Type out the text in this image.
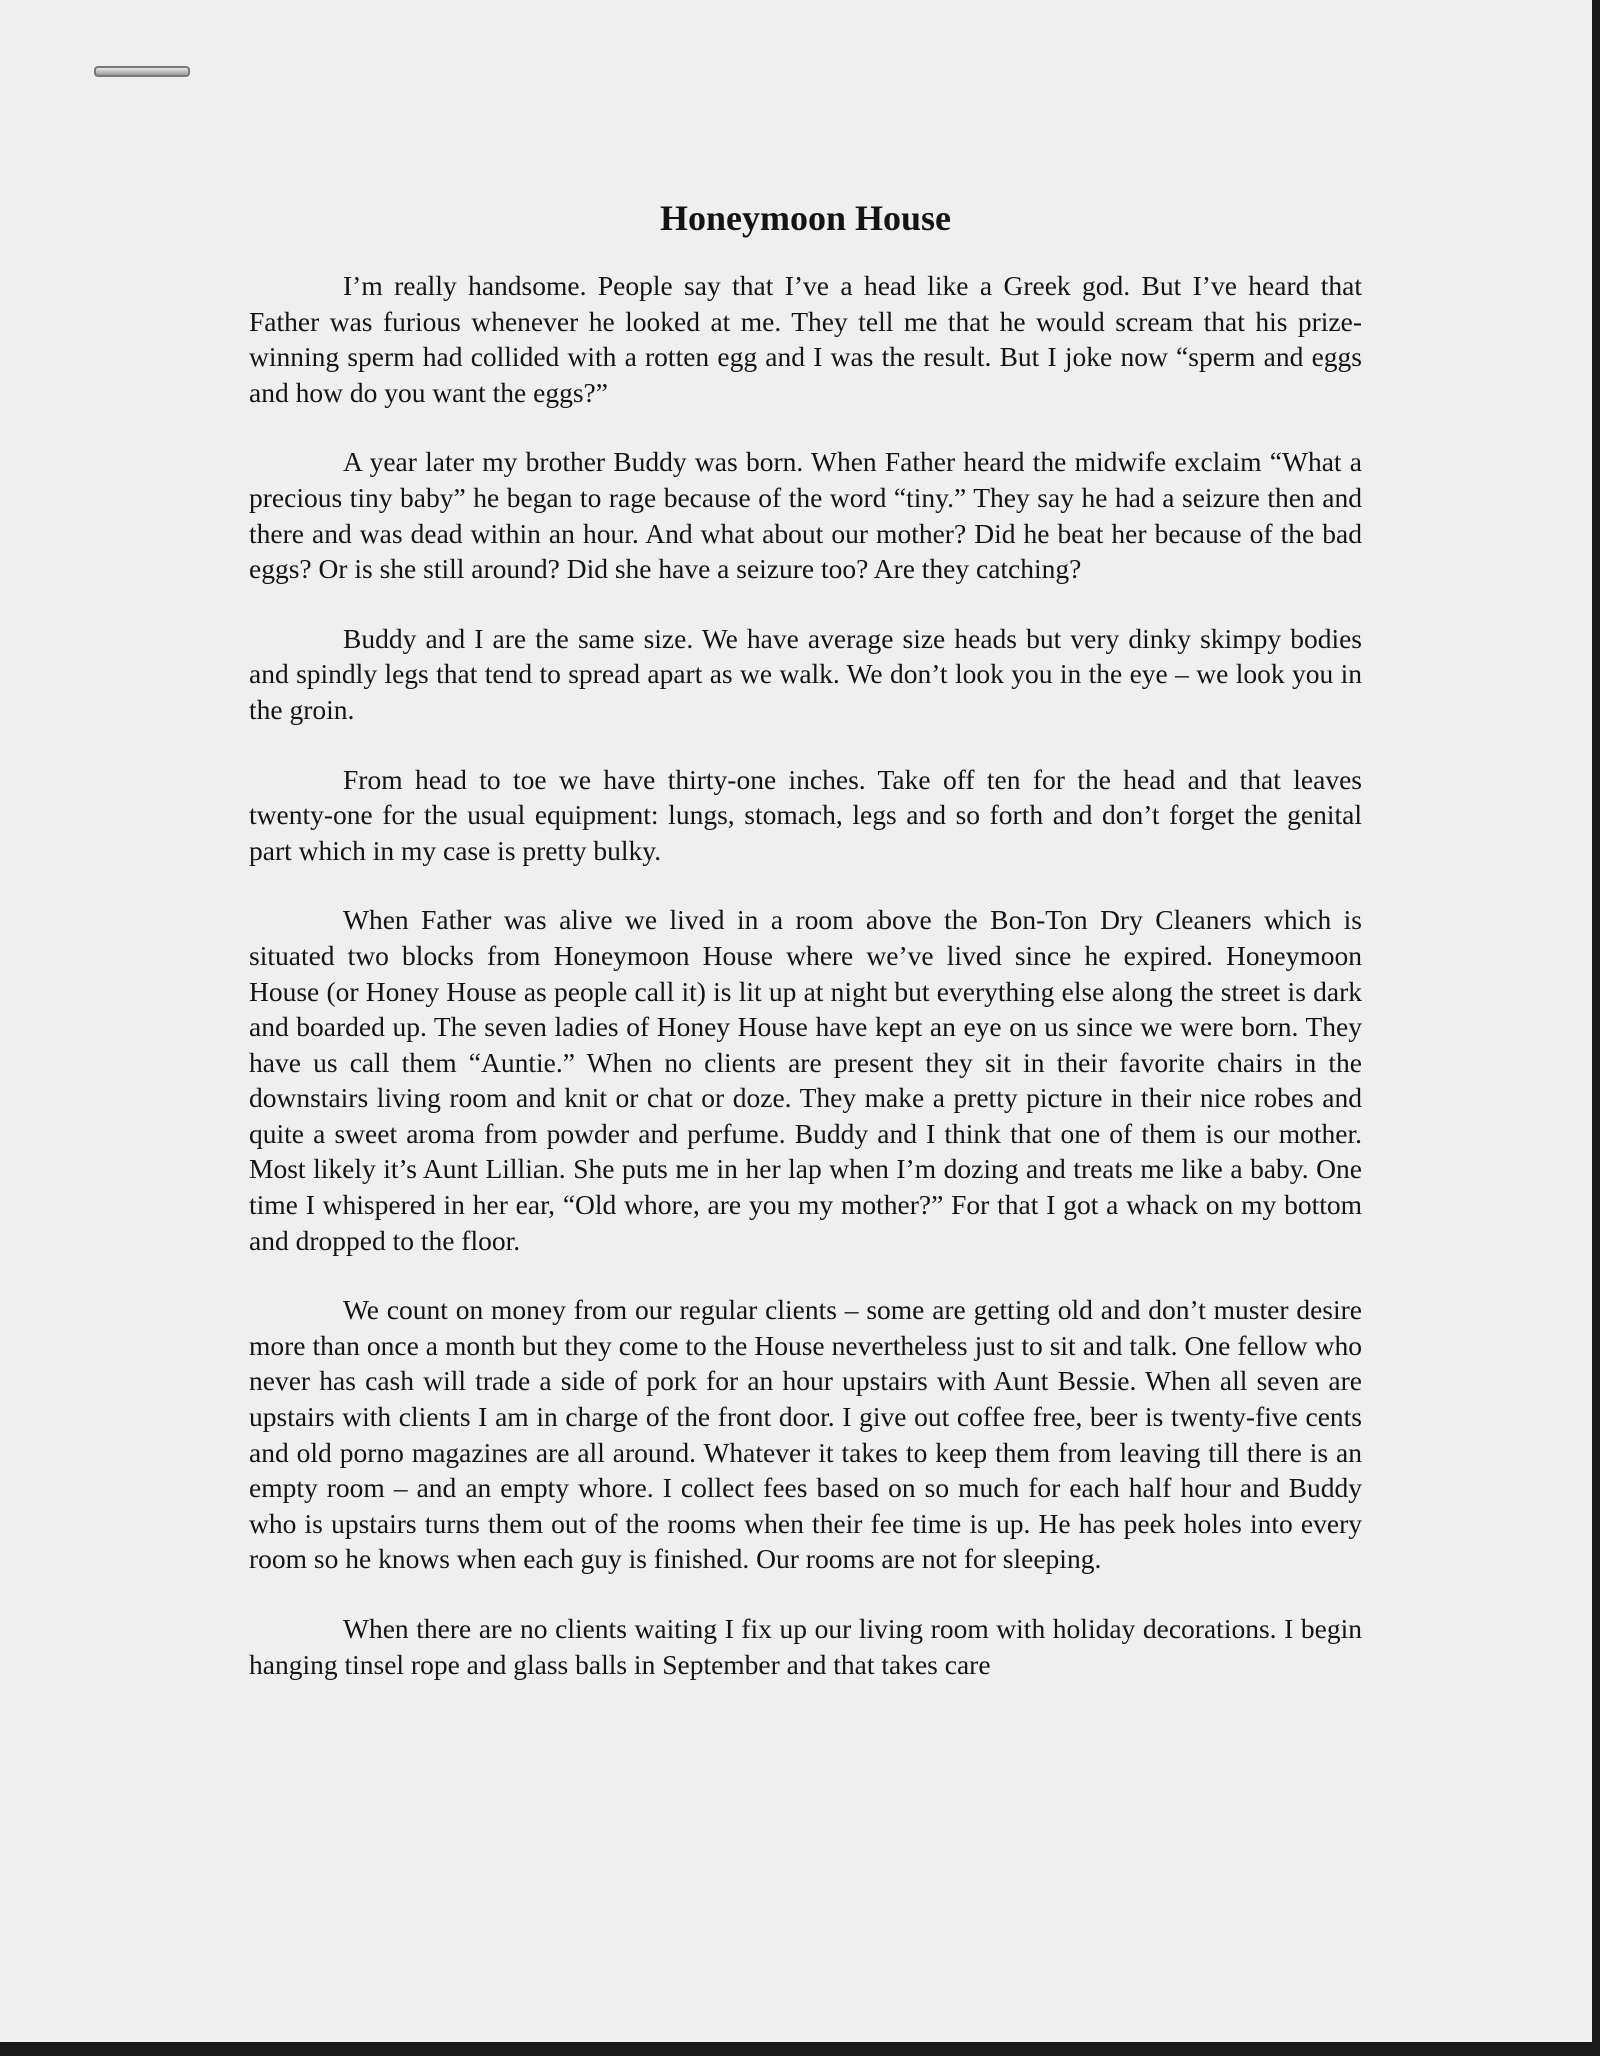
Honeymoon House

I’m really handsome. People say that I’ve a head like a Greek god. But I’ve heard that Father was furious whenever he looked at me. They tell me that he would scream that his prize-winning sperm had collided with a rotten egg and I was the result. But I joke now “sperm and eggs and how do you want the eggs?”

A year later my brother Buddy was born. When Father heard the midwife exclaim “What a precious tiny baby” he began to rage because of the word “tiny.” They say he had a seizure then and there and was dead within an hour. And what about our mother? Did he beat her because of the bad eggs? Or is she still around? Did she have a seizure too? Are they catching?

Buddy and I are the same size. We have average size heads but very dinky skimpy bodies and spindly legs that tend to spread apart as we walk. We don’t look you in the eye – we look you in the groin.

From head to toe we have thirty-one inches. Take off ten for the head and that leaves twenty-one for the usual equipment: lungs, stomach, legs and so forth and don’t forget the genital part which in my case is pretty bulky.

When Father was alive we lived in a room above the Bon-Ton Dry Cleaners which is situated two blocks from Honeymoon House where we’ve lived since he expired. Honeymoon House (or Honey House as people call it) is lit up at night but everything else along the street is dark and boarded up. The seven ladies of Honey House have kept an eye on us since we were born. They have us call them “Auntie.” When no clients are present they sit in their favorite chairs in the downstairs living room and knit or chat or doze. They make a pretty picture in their nice robes and quite a sweet aroma from powder and perfume. Buddy and I think that one of them is our mother. Most likely it’s Aunt Lillian. She puts me in her lap when I’m dozing and treats me like a baby. One time I whispered in her ear, “Old whore, are you my mother?” For that I got a whack on my bottom and dropped to the floor.

We count on money from our regular clients – some are getting old and don’t muster desire more than once a month but they come to the House nevertheless just to sit and talk. One fellow who never has cash will trade a side of pork for an hour upstairs with Aunt Bessie. When all seven are upstairs with clients I am in charge of the front door. I give out coffee free, beer is twenty-five cents and old porno magazines are all around. Whatever it takes to keep them from leaving till there is an empty room – and an empty whore. I collect fees based on so much for each half hour and Buddy who is upstairs turns them out of the rooms when their fee time is up. He has peek holes into every room so he knows when each guy is finished. Our rooms are not for sleeping.

When there are no clients waiting I fix up our living room with holiday decorations. I begin hanging tinsel rope and glass balls in September and that takes care
